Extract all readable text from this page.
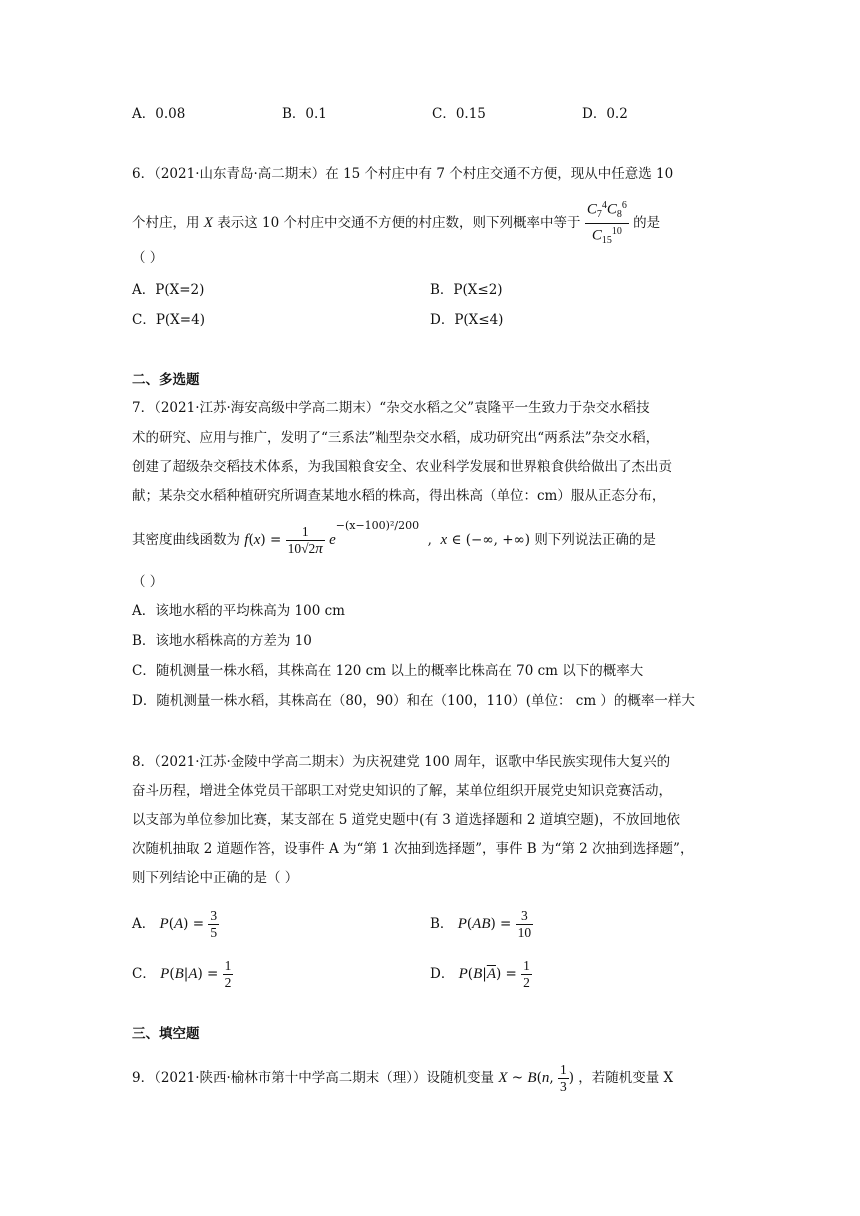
A．0.08	B．0.1	C．0.15	D．0.2
6．（2021·山东青岛·高二期末）在 15 个村庄中有 7 个村庄交通不方便，现从中任意选 10
个村庄，用 X 表示这 10 个村庄中交通不方便的村庄数，则下列概率中等于 $\frac{C_7^4C_8^6}{C_{15}^{10}}$ 的是
（ ）
A．P(X=2)	B．P(X≤2)
C．P(X=4)	D．P(X≤4)
二、多选题
7．（2021·江苏·海安高级中学高二期末）“杂交水稻之父”袁隆平一生致力于杂交水稻技
术的研究、应用与推广，发明了“三系法”籼型杂交水稻，成功研究出“两系法”杂交水稻，
创建了超级杂交稻技术体系，为我国粮食安全、农业科学发展和世界粮食供给做出了杰出贡
献；某杂交水稻种植研究所调查某地水稻的株高，得出株高（单位：cm）服从正态分布，
其密度曲线函数为 $f(x) = \frac{1}{10√2\pi} e^{-(x-100)^2/200}$  ,  x ∈ (−∞, +∞) 则下列说法正确的是
（ ）
A．该地水稻的平均株高为 100 cm
B．该地水稻株高的方差为 10
C．随机测量一株水稻，其株高在 120 cm 以上的概率比株高在 70 cm 以下的概率大
D．随机测量一株水稻，其株高在（80，90）和在（100，110）(单位： cm ）的概率一样大
8．（2021·江苏·金陵中学高二期末）为庆祝建党 100 周年，讴歌中华民族实现伟大复兴的
奋斗历程，增进全体党员干部职工对党史知识的了解，某单位组织开展党史知识竞赛活动，
以支部为单位参加比赛，某支部在 5 道党史题中(有 3 道选择题和 2 道填空题)，不放回地依
次随机抽取 2 道题作答，设事件 A 为“第 1 次抽到选择题”，事件 B 为“第 2 次抽到选择题”，
则下列结论中正确的是（ ）
A． $P(A) = \frac{3}{5}$	B． $P(AB) = \frac{3}{10}$
C． $P(B|A) = \frac{1}{2}$	D． $P(B|\overline{A}) = \frac{1}{2}$
三、填空题
9．（2021·陕西·榆林市第十中学高二期末（理））设随机变量 X ~ B(n, $\frac{1}{3}$ ) ，若随机变量 X
